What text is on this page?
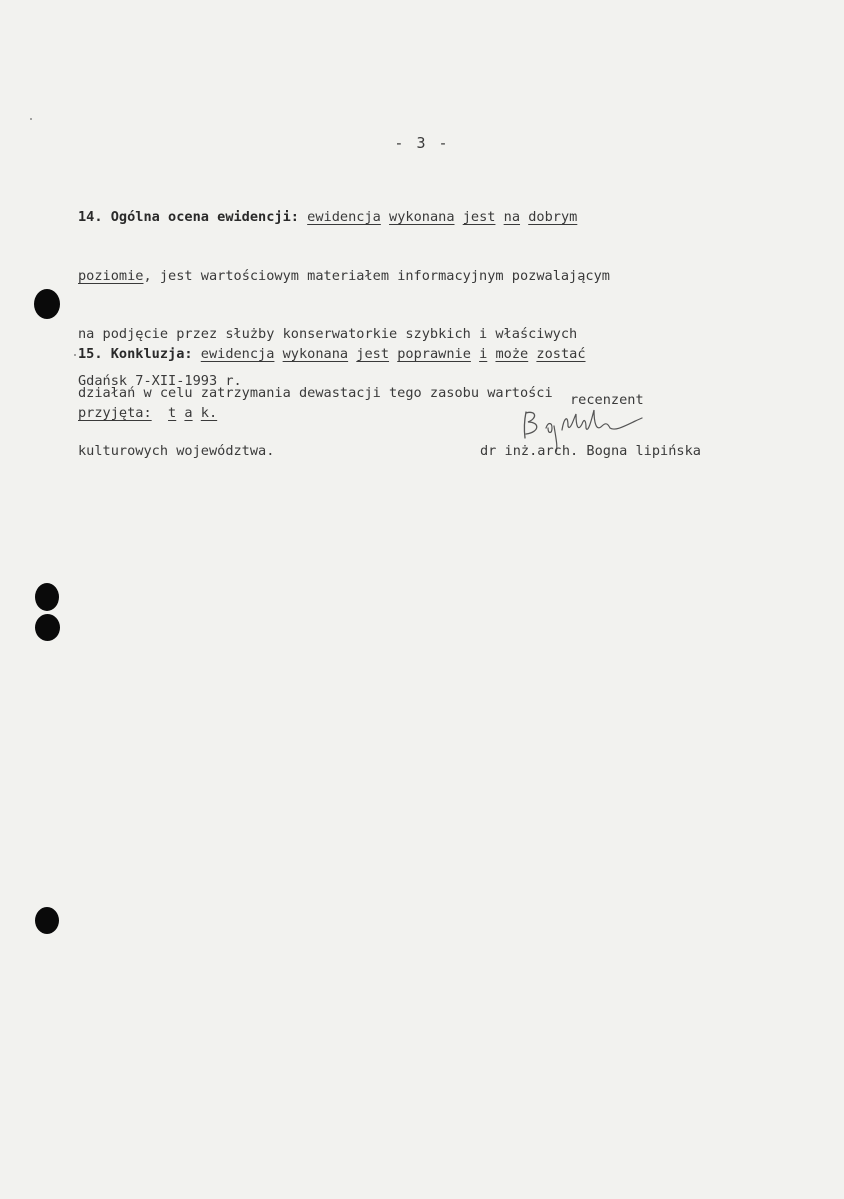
- 3 -

14. Ogólna ocena ewidencji: ewidencja wykonana jest na dobrym

poziomie, jest wartościowym materiałem informacyjnym pozwalającym

na podjęcie przez służby konserwatorkie szybkich i właściwych

działań w celu zatrzymania dewastacji tego zasobu wartości

kulturowych województwa.

15. Konkluzja: ewidencja wykonana jest poprawnie i może zostać

przyjęta: t a k.

Gdańsk 7-XII-1993 r.
recenzent
dr inż.arch. Bogna lipińska
